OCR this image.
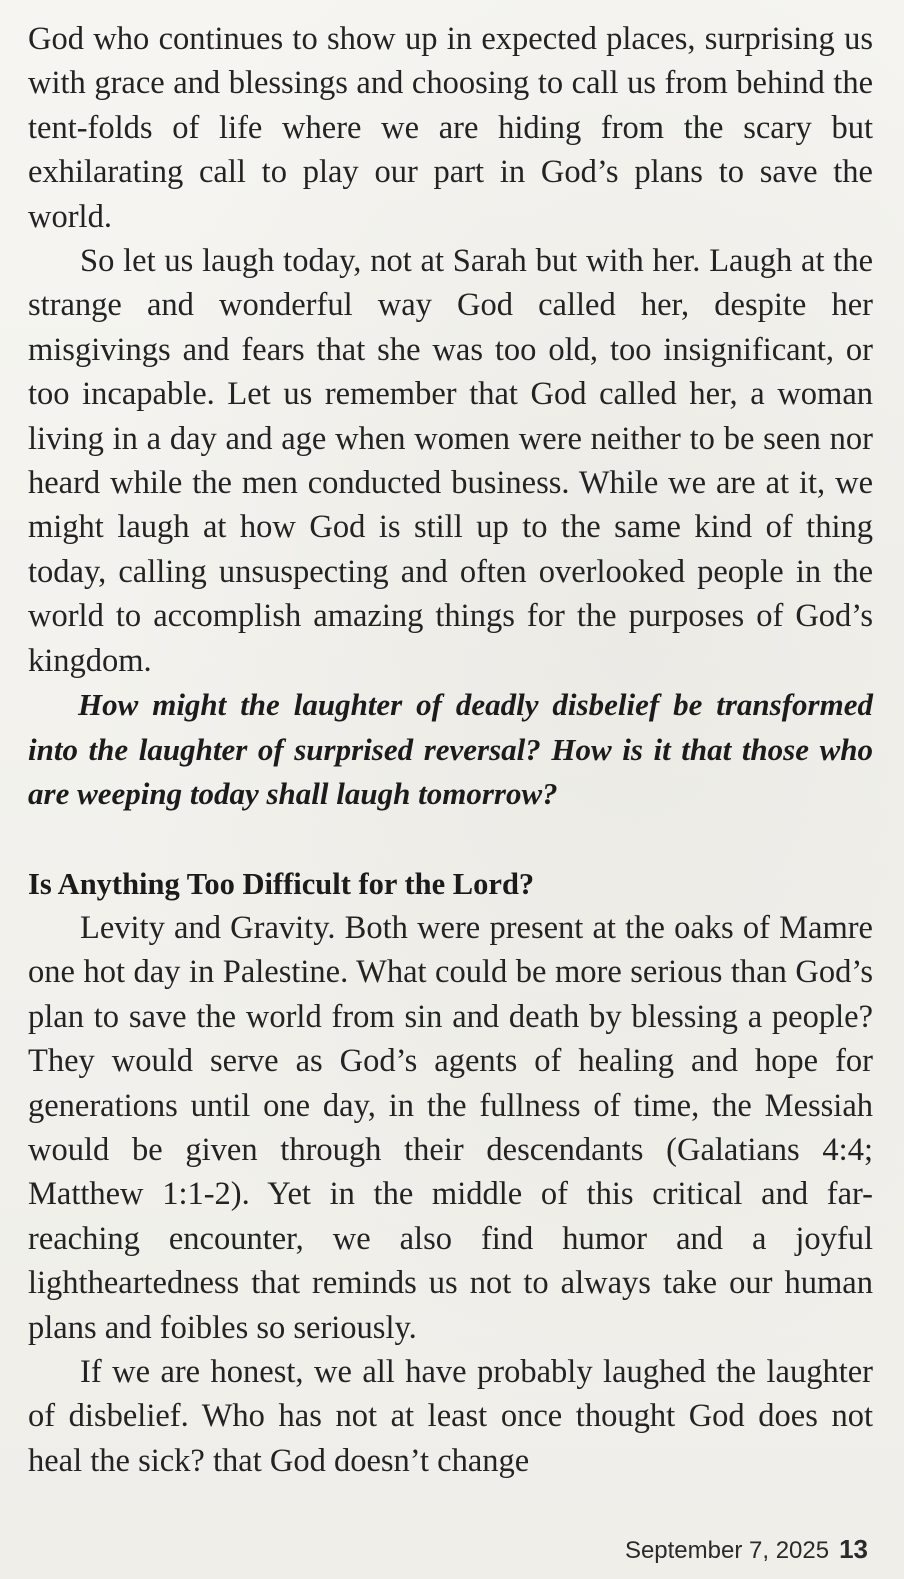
God who continues to show up in expected places, surprising us with grace and blessings and choosing to call us from behind the tent-folds of life where we are hiding from the scary but exhilarating call to play our part in God’s plans to save the world.

So let us laugh today, not at Sarah but with her. Laugh at the strange and wonderful way God called her, despite her misgivings and fears that she was too old, too insignificant, or too incapable. Let us remember that God called her, a woman living in a day and age when women were neither to be seen nor heard while the men conducted business. While we are at it, we might laugh at how God is still up to the same kind of thing today, calling unsuspecting and often overlooked people in the world to accomplish amazing things for the purposes of God’s kingdom.

How might the laughter of deadly disbelief be transformed into the laughter of surprised reversal? How is it that those who are weeping today shall laugh tomorrow?

Is Anything Too Difficult for the Lord?

Levity and Gravity. Both were present at the oaks of Mamre one hot day in Palestine. What could be more serious than God’s plan to save the world from sin and death by blessing a people? They would serve as God’s agents of healing and hope for generations until one day, in the fullness of time, the Messiah would be given through their descendants (Galatians 4:4; Matthew 1:1-2). Yet in the middle of this critical and far-reaching encounter, we also find humor and a joyful lightheartedness that reminds us not to always take our human plans and foibles so seriously.

If we are honest, we all have probably laughed the laughter of disbelief. Who has not at least once thought God does not heal the sick? that God doesn’t change

September 7, 2025 13
